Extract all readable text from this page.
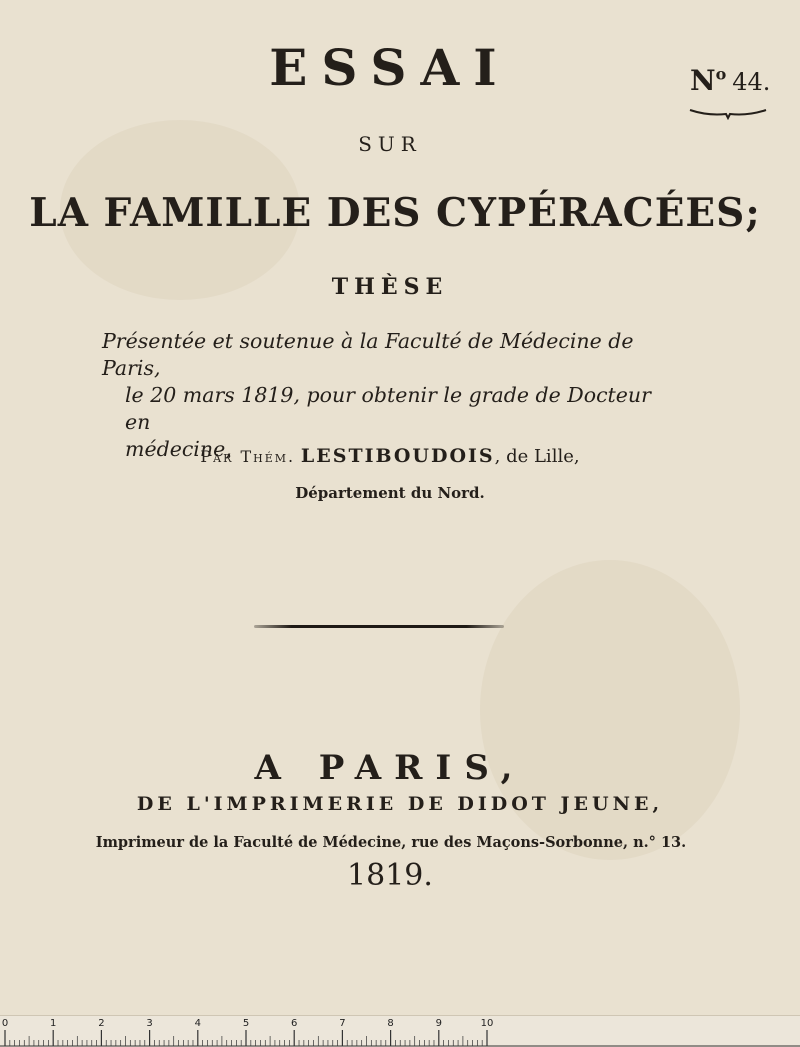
ESSAI	$N^o$ 44.
SUR
LA FAMILLE DES CYPÉRACÉES;
THÈSE
Présentée et soutenue à la Faculté de Médecine de Paris,
le 20 mars 1819, pour obtenir le grade de Docteur en
médecine,
Par Thém. LESTIBOUDOIS, de Lille,
Département du Nord.
A PARIS,
DE L'IMPRIMERIE DE DIDOT JEUNE,
Imprimeur de la Faculté de Médecine, rue des Maçons-Sorbonne, n.° 13.
1819.
0	1	2	3	4	5	6	7	8	9	10
